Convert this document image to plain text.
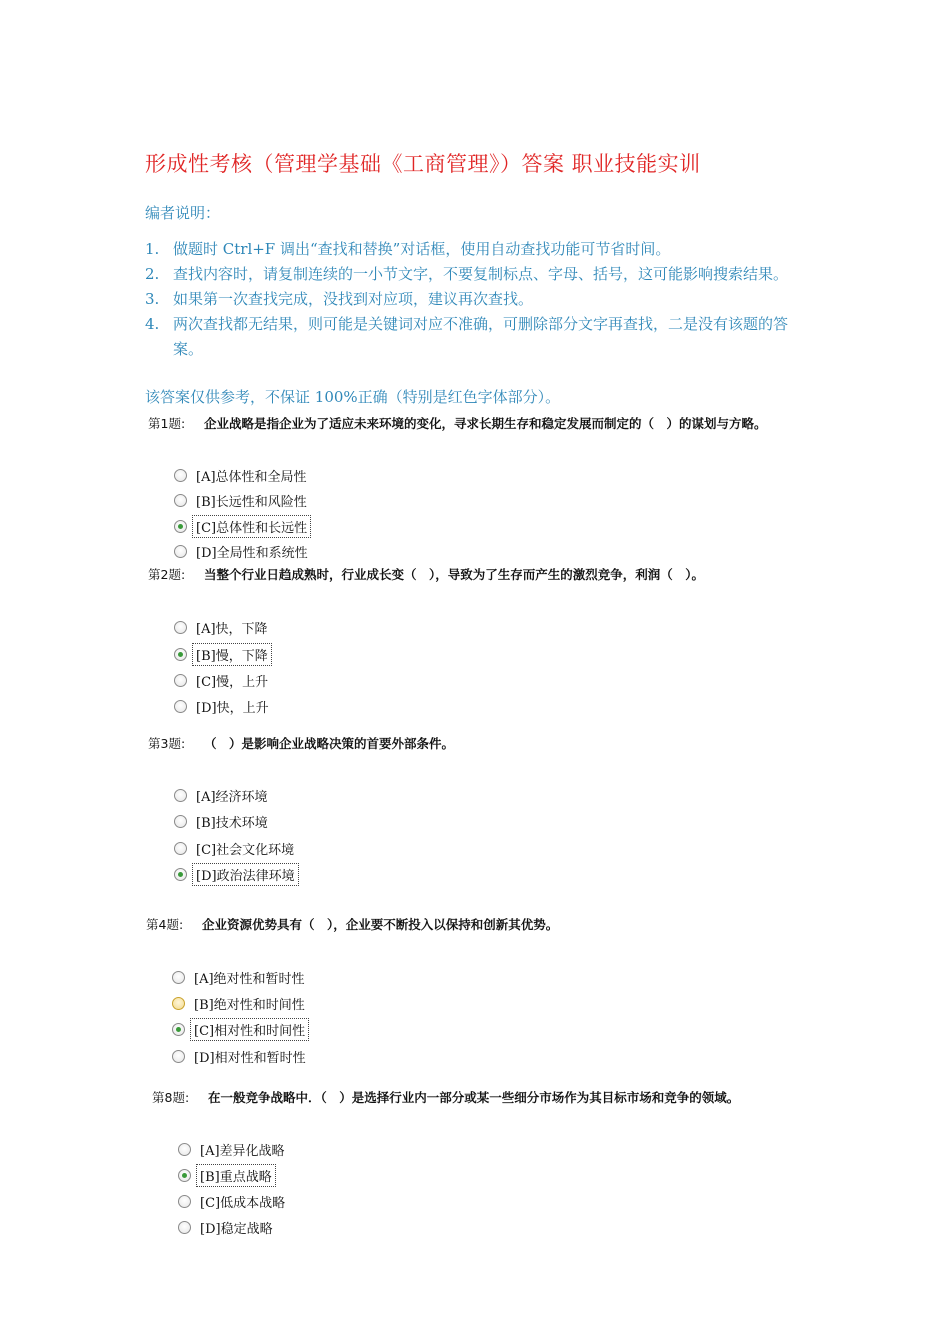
形成性考核（管理学基础《工商管理》）答案 职业技能实训
编者说明：
1. 做题时 Ctrl+F 调出“查找和替换”对话框，使用自动查找功能可节省时间。
2. 查找内容时，请复制连续的一小节文字，不要复制标点、字母、括号，这可能影响搜索结果。
3. 如果第一次查找完成，没找到对应项，建议再次查找。
4. 两次查找都无结果，则可能是关键词对应不准确，可删除部分文字再查找，二是没有该题的答案。
该答案仅供参考，不保证 100%正确（特别是红色字体部分）。
第1题: 企业战略是指企业为了适应未来环境的变化，寻求长期生存和稳定发展而制定的（　）的谋划与方略。
[A]总体性和全局性
[B]长远性和风险性
[C]总体性和长远性
[D]全局性和系统性
第2题: 当整个行业日趋成熟时，行业成长变（　），导致为了生存而产生的激烈竞争，利润（　）。
[A]快，下降
[B]慢，下降
[C]慢，上升
[D]快，上升
第3题: （　）是影响企业战略决策的首要外部条件。
[A]经济环境
[B]技术环境
[C]社会文化环境
[D]政治法律环境
第4题: 企业资源优势具有（　），企业要不断投入以保持和创新其优势。
[A]绝对性和暂时性
[B]绝对性和时间性
[C]相对性和时间性
[D]相对性和暂时性
第8题: 在一般竞争战略中．（　）是选择行业内一部分或某一些细分市场作为其目标市场和竞争的领域。
[A]差异化战略
[B]重点战略
[C]低成本战略
[D]稳定战略
